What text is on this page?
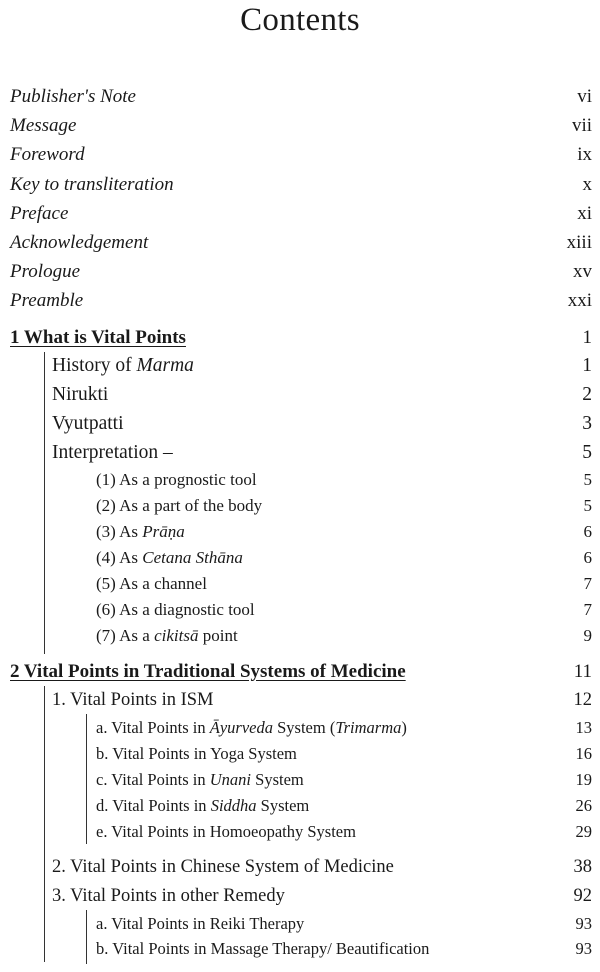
Contents
Publisher's Note	vi
Message	vii
Foreword	ix
Key to transliteration	x
Preface	xi
Acknowledgement	xiii
Prologue	xv
Preamble	xxi
1 What is Vital Points	1
History of Marma	1
Nirukti	2
Vyutpatti	3
Interpretation –	5
(1) As a prognostic tool	5
(2) As a part of the body	5
(3) As Prāṇa	6
(4) As Cetana Sthāna	6
(5) As a channel	7
(6) As a diagnostic tool	7
(7) As a cikitsā point	9
2 Vital Points in Traditional Systems of Medicine	11
1. Vital Points in ISM	12
a. Vital Points in Āyurveda System (Trimarma)	13
b. Vital Points in Yoga System	16
c. Vital Points in Unani System	19
d. Vital Points in Siddha System	26
e. Vital Points in Homoeopathy System	29
2. Vital Points in Chinese System of Medicine	38
3. Vital Points in other Remedy	92
a. Vital Points in Reiki Therapy	93
b. Vital Points in Massage Therapy/ Beautification	93
